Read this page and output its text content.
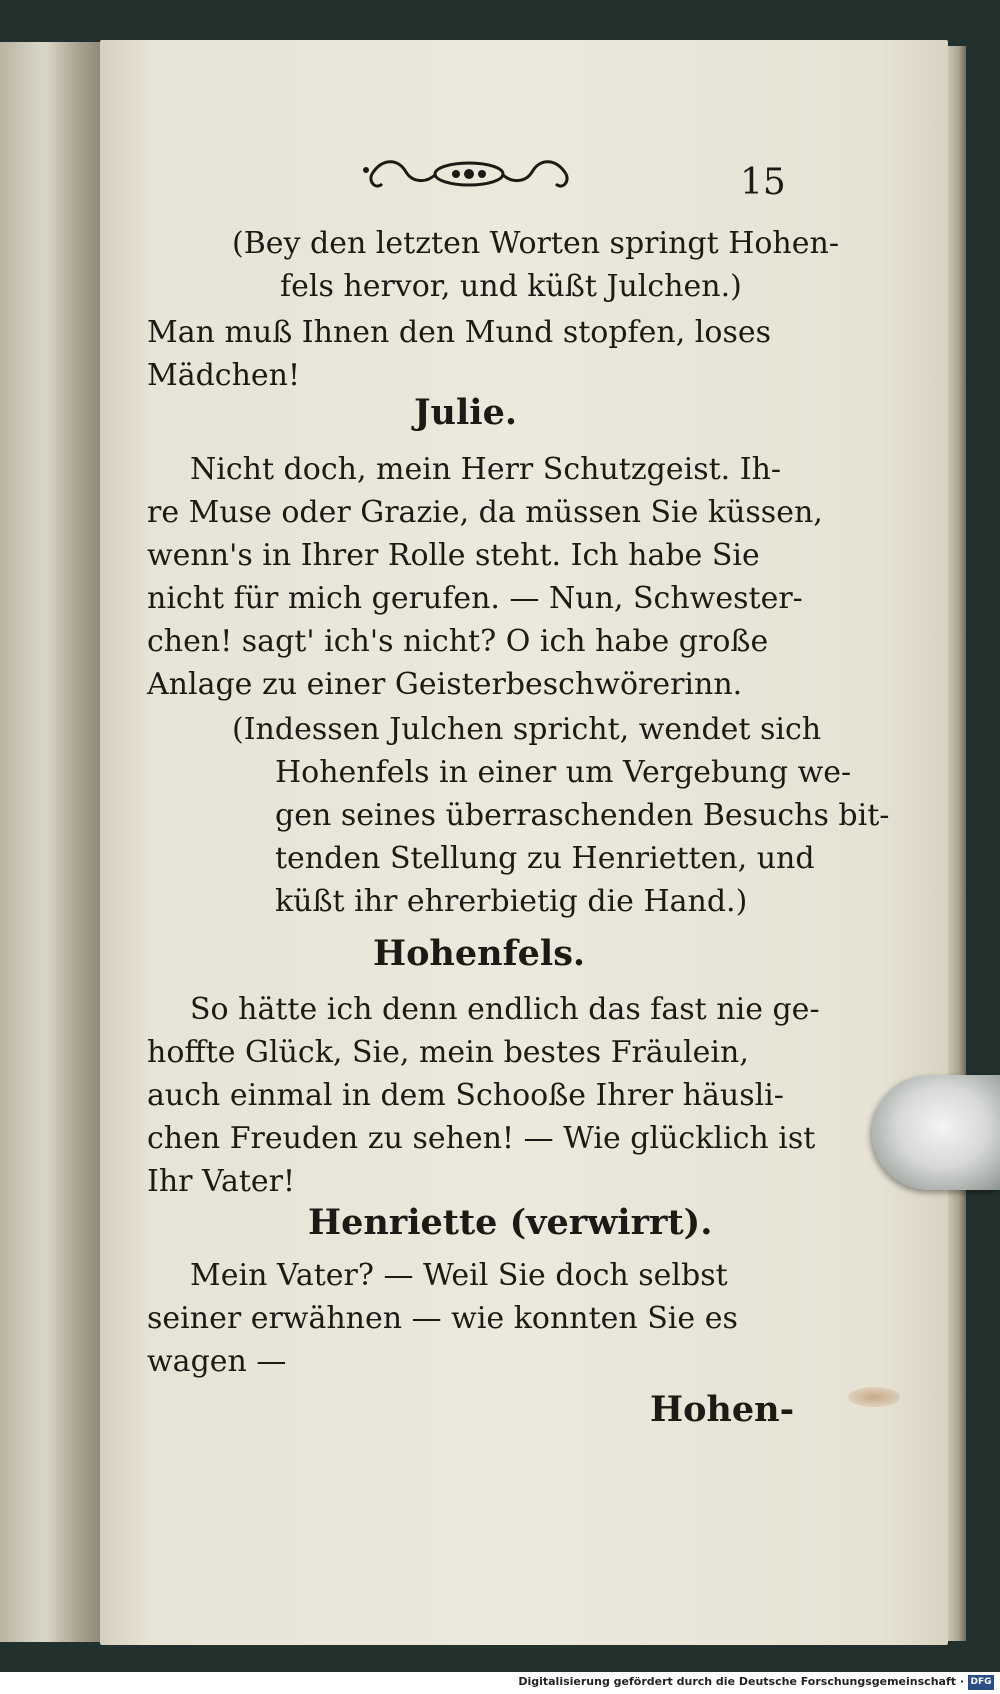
15
(Bey den letzten Worten springt Hohen-
fels hervor, und küßt Julchen.)
Man muß Ihnen den Mund stopfen, loses
Mädchen!
Julie.
Nicht doch, mein Herr Schutzgeist. Ih-
re Muse oder Grazie, da müssen Sie küssen,
wenn's in Ihrer Rolle steht. Ich habe Sie
nicht für mich gerufen. — Nun, Schwester-
chen! sagt' ich's nicht? O ich habe große
Anlage zu einer Geisterbeschwörerinn.
(Indessen Julchen spricht, wendet sich
Hohenfels in einer um Vergebung we-
gen seines überraschenden Besuchs bit-
tenden Stellung zu Henrietten, und
küßt ihr ehrerbietig die Hand.)
Hohenfels.
So hätte ich denn endlich das fast nie ge-
hoffte Glück, Sie, mein bestes Fräulein,
auch einmal in dem Schooße Ihrer häusli-
chen Freuden zu sehen! — Wie glücklich ist
Ihr Vater!
Henriette (verwirrt).
Mein Vater? — Weil Sie doch selbst
seiner erwähnen — wie konnten Sie es
wagen —
Hohen-
Digitalisierung gefördert durch die Deutsche Forschungsgemeinschaft · DFG
